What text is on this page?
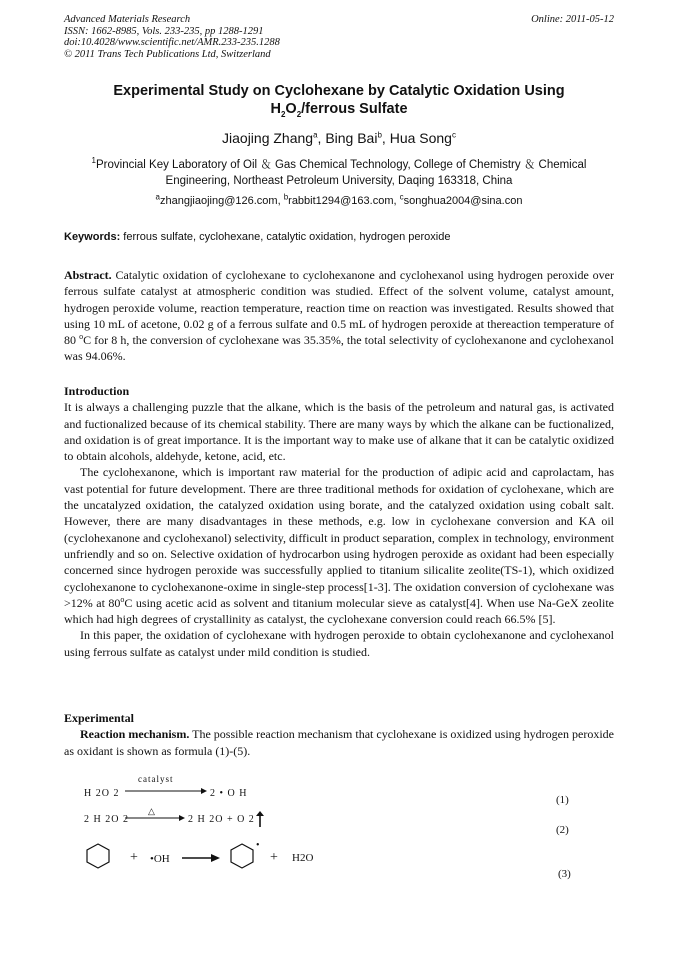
Advanced Materials Research
ISSN: 1662-8985, Vols. 233-235, pp 1288-1291
doi:10.4028/www.scientific.net/AMR.233-235.1288
© 2011 Trans Tech Publications Ltd, Switzerland
Online: 2011-05-12
Experimental Study on Cyclohexane by Catalytic Oxidation Using
$H_2O_2$/ferrous Sulfate
Jiaojing Zhang$^a$, Bing Bai$^b$, Hua Song$^c$
$^1$Provincial Key Laboratory of Oil ＆ Gas Chemical Technology, College of Chemistry ＆ Chemical
Engineering, Northeast Petroleum University, Daqing 163318, China
$^a$zhangjiaojing@126.com, $^b$rabbit1294@163.com, $^c$songhua2004@sina.con
Keywords: ferrous sulfate, cyclohexane, catalytic oxidation, hydrogen peroxide

Abstract. Catalytic oxidation of cyclohexane to cyclohexanone and cyclohexanol using hydrogen peroxide over ferrous sulfate catalyst at atmospheric condition was studied. Effect of the solvent volume, catalyst amount, hydrogen peroxide volume, reaction temperature, reaction time on reaction was investigated. Results showed that using 10 mL of acetone, 0.02 g of a ferrous sulfate and 0.5 mL of hydrogen peroxide at thereaction temperature of 80 $^o$C for 8 h, the conversion of cyclohexane was 35.35%, the total selectivity of cyclohexanone and cyclohexanol was 94.06%.

Introduction

It is always a challenging puzzle that the alkane, which is the basis of the petroleum and natural gas, is activated and fuctionalized because of its chemical stability. There are many ways by which the alkane can be fuctionalized, and oxidation is of great importance. It is the important way to make use of alkane that it can be catalytic oxidized to obtain alcohols, aldehyde, ketone, acid, etc.

The cyclohexanone, which is important raw material for the production of adipic acid and caprolactam, has vast potential for future development. There are three traditional methods for oxidation of cyclohexane, which are the uncatalyzed oxidation, the catalyzed oxidation using borate, and the catalyzed oxidation using cobalt salt. However, there are many disadvantages in these methods, e.g. low in cyclohexane conversion and KA oil (cyclohexanone and cyclohexanol) selectivity, difficult in product separation, complex in technology, environment unfriendly and so on. Selective oxidation of hydrocarbon using hydrogen peroxide as oxidant had been especially concerned since hydrogen peroxide was successfully applied to titanium silicalite zeolite(TS-1), which oxidized cyclohexanone to cyclohexanone-oxime in single-step process[1-3]. The oxidation conversion of cyclohexane was >12% at 80$^o$C using acetic acid as solvent and titanium molecular sieve as catalyst[4]. When use Na-GeX zeolite which had high degrees of crystallinity as catalyst, the cyclohexane conversion could reach 66.5% [5].

In this paper, the oxidation of cyclohexane with hydrogen peroxide to obtain cyclohexanone and cyclohexanol using ferrous sulfate as catalyst under mild condition is studied.

Experimental

Reaction mechanism. The possible reaction mechanism that cyclohexane is oxidized using hydrogen peroxide as oxidant is shown as formula (1)-(5).

H 2O 2
catalyst
2 • O H
(1)
2 H 2O 2
△
2 H 2O + O 2
(2)
+ •OH
•
+ H2O
(3)
